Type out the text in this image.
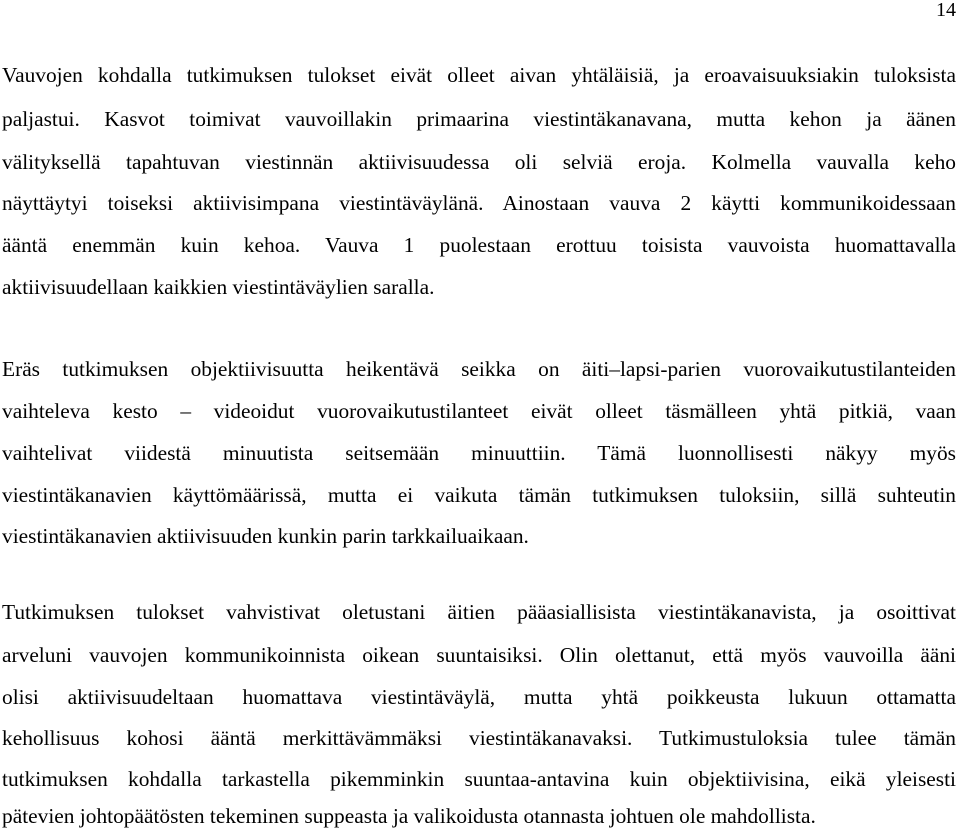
14
Vauvojen kohdalla tutkimuksen tulokset eivät olleet aivan yhtäläisiä, ja eroavaisuuksiakin tuloksista
paljastui. Kasvot toimivat vauvoillakin primaarina viestintäkanavana, mutta kehon ja äänen
välityksellä tapahtuvan viestinnän aktiivisuudessa oli selviä eroja. Kolmella vauvalla keho
näyttäytyi toiseksi aktiivisimpana viestintäväylänä. Ainostaan vauva 2 käytti kommunikoidessaan
ääntä enemmän kuin kehoa. Vauva 1 puolestaan erottuu toisista vauvoista huomattavalla
aktiivisuudellaan kaikkien viestintäväylien saralla.
Eräs tutkimuksen objektiivisuutta heikentävä seikka on äiti–lapsi-parien vuorovaikutustilanteiden
vaihteleva kesto – videoidut vuorovaikutustilanteet eivät olleet täsmälleen yhtä pitkiä, vaan
vaihtelivat viidestä minuutista seitsemään minuuttiin. Tämä luonnollisesti näkyy myös
viestintäkanavien käyttömäärissä, mutta ei vaikuta tämän tutkimuksen tuloksiin, sillä suhteutin
viestintäkanavien aktiivisuuden kunkin parin tarkkailuaikaan.
Tutkimuksen tulokset vahvistivat oletustani äitien pääasiallisista viestintäkanavista, ja osoittivat
arveluni vauvojen kommunikoinnista oikean suuntaisiksi. Olin olettanut, että myös vauvoilla ääni
olisi aktiivisuudeltaan huomattava viestintäväylä, mutta yhtä poikkeusta lukuun ottamatta
kehollisuus kohosi ääntä merkittävämmäksi viestintäkanavaksi. Tutkimustuloksia tulee tämän
tutkimuksen kohdalla tarkastella pikemminkin suuntaa-antavina kuin objektiivisina, eikä yleisesti
pätevien johtopäätösten tekeminen suppeasta ja valikoidusta otannasta johtuen ole mahdollista.
